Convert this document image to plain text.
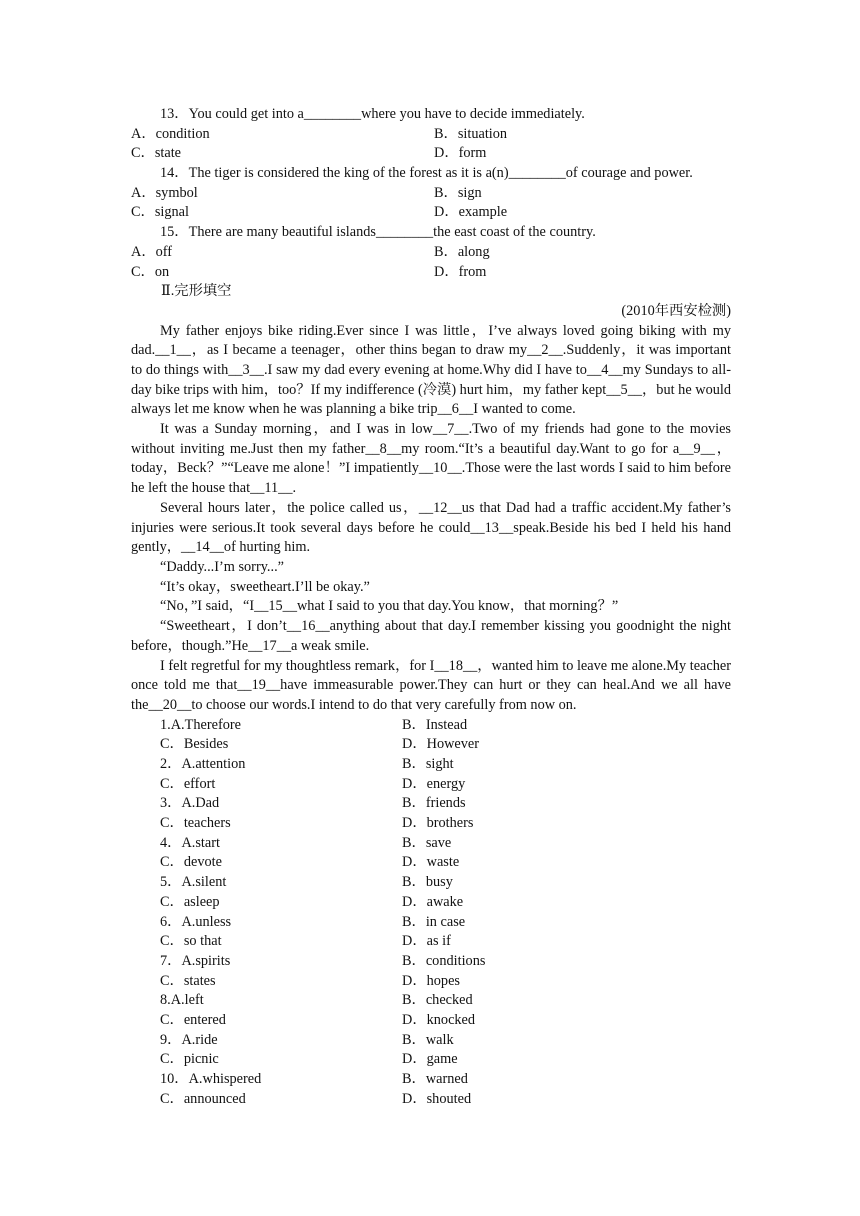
13．You could get into a________where you have to decide immediately.
A．condition	B．situation
C．state	D．form
14．The tiger is considered the king of the forest as it is a(n)________of courage and power.
A．symbol	B．sign
C．signal	D．example
15．There are many beautiful islands________the east coast of the country.
A．off	B．along
C．on	D．from
Ⅱ.完形填空
(2010年西安检测)

My father enjoys bike riding.Ever since I was little，I’ve always loved going biking with my dad.__1__，as I became a teenager，other thins began to draw my__2__.Suddenly，it was important to do things with__3__.I saw my dad every evening at home.Why did I have to__4__my Sundays to all-day bike trips with him，too？If my indifference (冷漠) hurt him，my father kept__5__，but he would always let me know when he was planning a bike trip__6__I wanted to come.

It was a Sunday morning，and I was in low__7__.Two of my friends had gone to the movies without inviting me.Just then my father__8__my room.“It’s a beautiful day.Want to go for a__9__，today，Beck？”“Leave me alone！”I impatiently__10__.Those were the last words I said to him before he left the house that__11__.

Several hours later，the police called us，__12__us that Dad had a traffic accident.My father’s injuries were serious.It took several days before he could__13__speak.Beside his bed I held his hand gently，__14__of hurting him.

“Daddy...I’m sorry...”

“It’s okay，sweetheart.I’ll be okay.”

“No，”I said，“I__15__what I said to you that day.You know，that morning？”

“Sweetheart，I don’t__16__anything about that day.I remember kissing you goodnight the night before，though.”He__17__a weak smile.

I felt regretful for my thoughtless remark，for I__18__，wanted him to leave me alone.My teacher once told me that__19__have immeasurable power.They can hurt or they can heal.And we all have the__20__to choose our words.I intend to do that very carefully from now on.

1.A.Therefore	B．Instead
C．Besides	D．However
2．A.attention	B．sight
C．effort	D．energy
3．A.Dad	B．friends
C．teachers	D．brothers
4．A.start	B．save
C．devote	D．waste
5．A.silent	B．busy
C．asleep	D．awake
6．A.unless	B．in case
C．so that	D．as if
7．A.spirits	B．conditions
C．states	D．hopes
8.A.left	B．checked
C．entered	D．knocked
9．A.ride	B．walk
C．picnic	D．game
10．A.whispered	B．warned
C．announced	D．shouted
